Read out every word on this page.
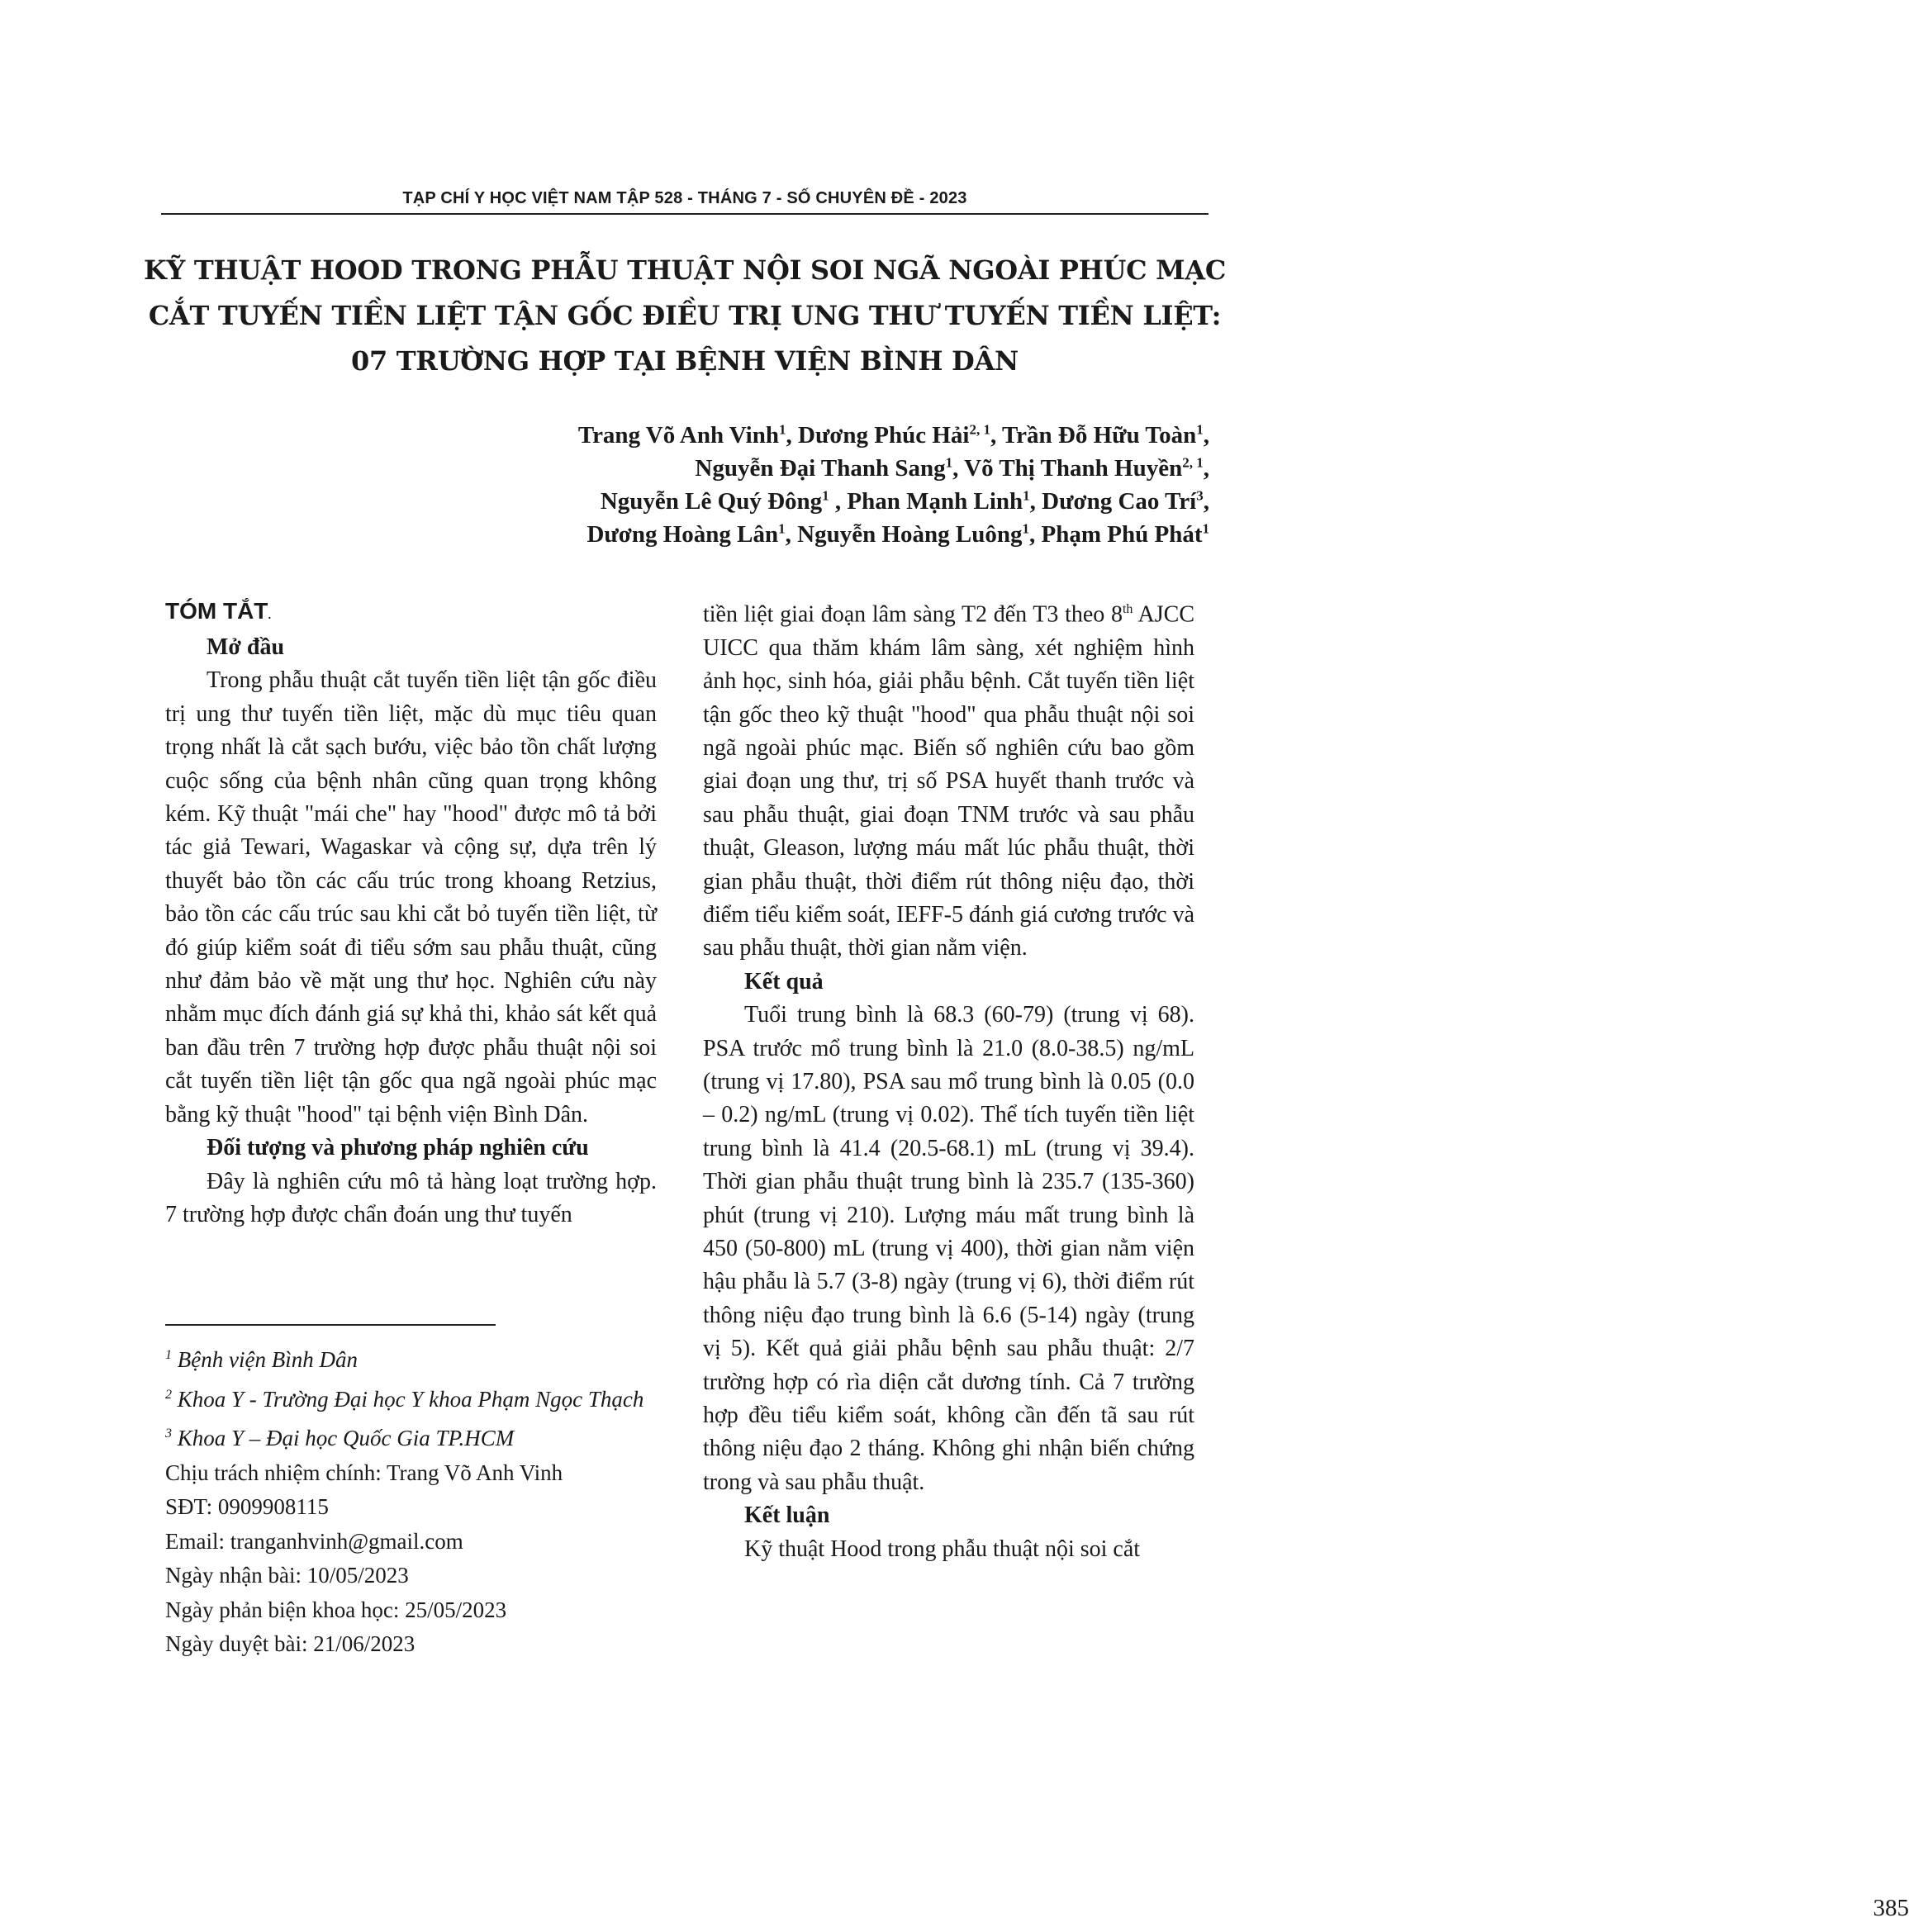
TẠP CHÍ Y HỌC VIỆT NAM TẬP 528 - THÁNG 7 - SỐ CHUYÊN ĐỀ - 2023
KỸ THUẬT HOOD TRONG PHẪU THUẬT NỘI SOI NGÃ NGOÀI PHÚC MẠC
CẮT TUYẾN TIỀN LIỆT TẬN GỐC ĐIỀU TRỊ UNG THƯ TUYẾN TIỀN LIỆT:
07 TRƯỜNG HỢP TẠI BỆNH VIỆN BÌNH DÂN
Trang Võ Anh Vinh$^1$, Dương Phúc Hải$^{2, 1}$, Trần Đỗ Hữu Toàn$^1$,
Nguyễn Đại Thanh Sang$^1$, Võ Thị Thanh Huyền$^{2, 1}$,
Nguyễn Lê Quý Đông$^1$ , Phan Mạnh Linh$^1$, Dương Cao Trí$^3$,
Dương Hoàng Lân$^1$, Nguyễn Hoàng Luông$^1$, Phạm Phú Phát$^1$
TÓM TẮT.
Mở đầu

Trong phẫu thuật cắt tuyến tiền liệt tận gốc điều trị ung thư tuyến tiền liệt, mặc dù mục tiêu quan trọng nhất là cắt sạch bướu, việc bảo tồn chất lượng cuộc sống của bệnh nhân cũng quan trọng không kém. Kỹ thuật "mái che" hay "hood" được mô tả bởi tác giả Tewari, Wagaskar và cộng sự, dựa trên lý thuyết bảo tồn các cấu trúc trong khoang Retzius, bảo tồn các cấu trúc sau khi cắt bỏ tuyến tiền liệt, từ đó giúp kiểm soát đi tiểu sớm sau phẫu thuật, cũng như đảm bảo về mặt ung thư học. Nghiên cứu này nhằm mục đích đánh giá sự khả thi, khảo sát kết quả ban đầu trên 7 trường hợp được phẫu thuật nội soi cắt tuyến tiền liệt tận gốc qua ngã ngoài phúc mạc bằng kỹ thuật "hood" tại bệnh viện Bình Dân.

Đối tượng và phương pháp nghiên cứu

Đây là nghiên cứu mô tả hàng loạt trường hợp. 7 trường hợp được chẩn đoán ung thư tuyến

$^1$ Bệnh viện Bình Dân
$^2$ Khoa Y - Trường Đại học Y khoa Phạm Ngọc Thạch
$^3$ Khoa Y – Đại học Quốc Gia TP.HCM
Chịu trách nhiệm chính: Trang Võ Anh Vinh
SĐT: 0909908115
Email: tranganhvinh@gmail.com
Ngày nhận bài: 10/05/2023
Ngày phản biện khoa học: 25/05/2023
Ngày duyệt bài: 21/06/2023

tiền liệt giai đoạn lâm sàng T2 đến T3 theo 8th AJCC UICC qua thăm khám lâm sàng, xét nghiệm hình ảnh học, sinh hóa, giải phẫu bệnh. Cắt tuyến tiền liệt tận gốc theo kỹ thuật "hood" qua phẫu thuật nội soi ngã ngoài phúc mạc. Biến số nghiên cứu bao gồm giai đoạn ung thư, trị số PSA huyết thanh trước và sau phẫu thuật, giai đoạn TNM trước và sau phẫu thuật, Gleason, lượng máu mất lúc phẫu thuật, thời gian phẫu thuật, thời điểm rút thông niệu đạo, thời điểm tiểu kiểm soát, IEFF-5 đánh giá cương trước và sau phẫu thuật, thời gian nằm viện.

Kết quả

Tuổi trung bình là 68.3 (60-79) (trung vị 68). PSA trước mổ trung bình là 21.0 (8.0-38.5) ng/mL (trung vị 17.80), PSA sau mổ trung bình là 0.05 (0.0 – 0.2) ng/mL (trung vị 0.02). Thể tích tuyến tiền liệt trung bình là 41.4 (20.5-68.1) mL (trung vị 39.4). Thời gian phẫu thuật trung bình là 235.7 (135-360) phút (trung vị 210). Lượng máu mất trung bình là 450 (50-800) mL (trung vị 400), thời gian nằm viện hậu phẫu là 5.7 (3-8) ngày (trung vị 6), thời điểm rút thông niệu đạo trung bình là 6.6 (5-14) ngày (trung vị 5). Kết quả giải phẫu bệnh sau phẫu thuật: 2/7 trường hợp có rìa diện cắt dương tính. Cả 7 trường hợp đều tiểu kiểm soát, không cần đến tã sau rút thông niệu đạo 2 tháng. Không ghi nhận biến chứng trong và sau phẫu thuật.

Kết luận

Kỹ thuật Hood trong phẫu thuật nội soi cắt

385
